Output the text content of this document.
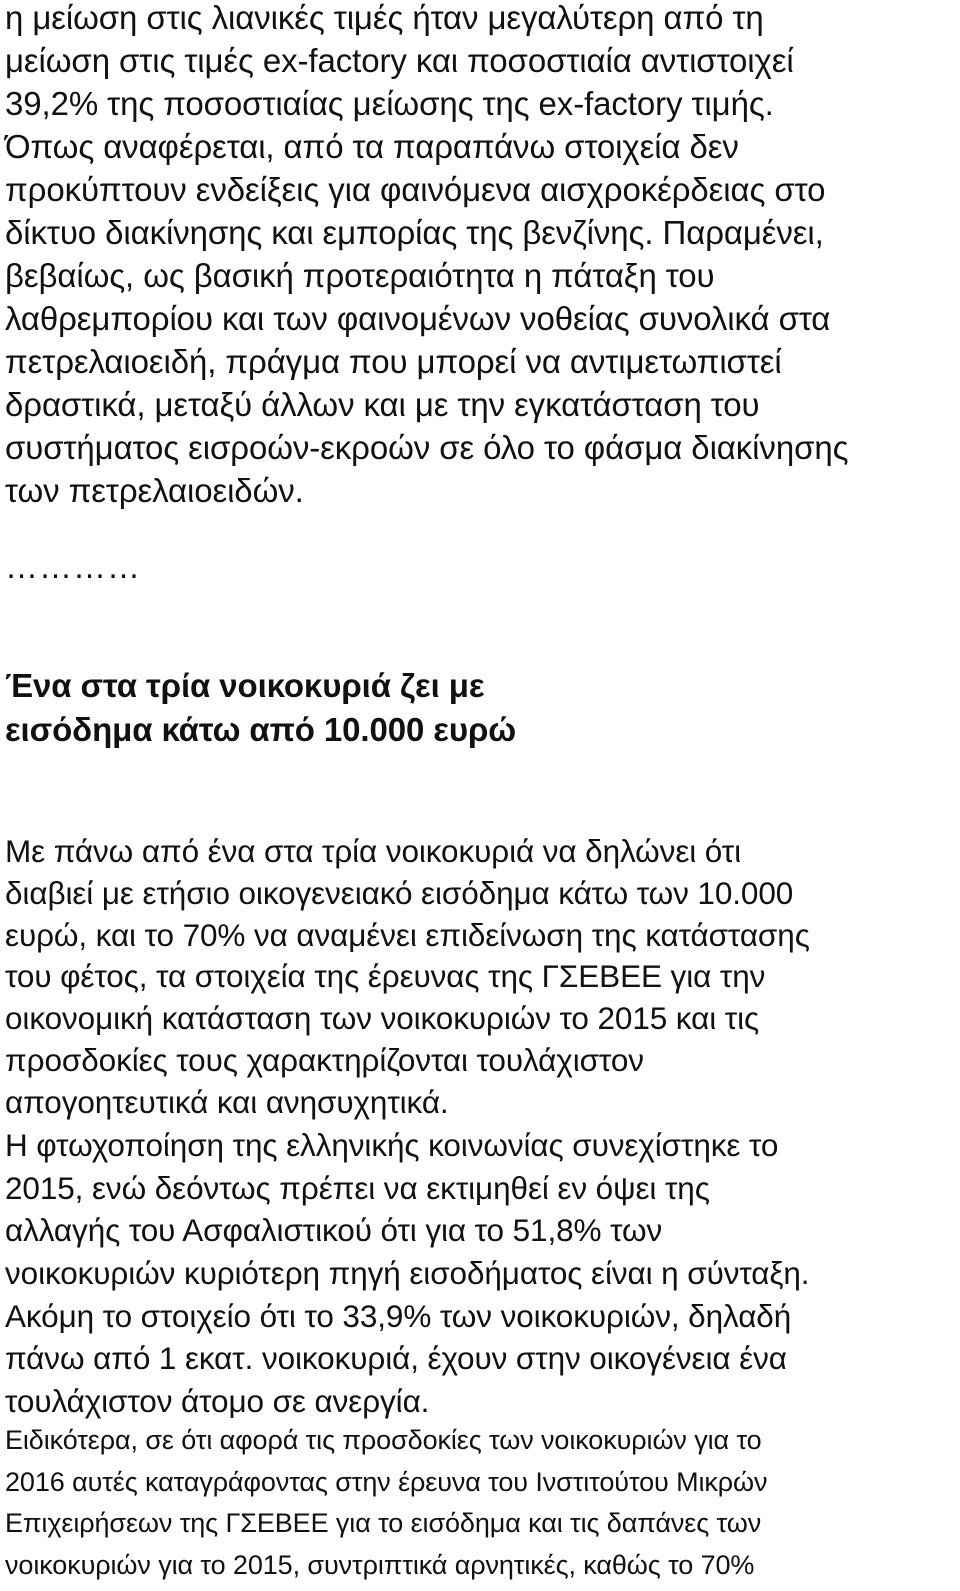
η μείωση στις λιανικές τιμές ήταν μεγαλύτερη από τη
μείωση στις τιμές ex-factory και ποσοστιαία αντιστοιχεί
39,2% της ποσοστιαίας μείωσης της ex-factory τιμής.
Όπως αναφέρεται, από τα παραπάνω στοιχεία δεν
προκύπτουν ενδείξεις για φαινόμενα αισχροκέρδειας στο
δίκτυο διακίνησης και εμπορίας της βενζίνης. Παραμένει,
βεβαίως, ως βασική προτεραιότητα η πάταξη του
λαθρεμπορίου και των φαινομένων νοθείας συνολικά στα
πετρελαιοειδή, πράγμα που μπορεί να αντιμετωπιστεί
δραστικά, μεταξύ άλλων και με την εγκατάσταση του
συστήματος εισροών-εκροών σε όλο το φάσμα διακίνησης
των πετρελαιοειδών.
…………
Ένα στα τρία νοικοκυριά ζει με
εισόδημα κάτω από 10.000 ευρώ
Με πάνω από ένα στα τρία νοικοκυριά να δηλώνει ότι
διαβιεί με ετήσιο οικογενειακό εισόδημα κάτω των 10.000
ευρώ, και το 70% να αναμένει επιδείνωση της κατάστασης
του φέτος, τα στοιχεία της έρευνας της ΓΣΕΒΕΕ για την
οικονομική κατάσταση των νοικοκυριών το 2015 και τις
προσδοκίες τους χαρακτηρίζονται τουλάχιστον
απογοητευτικά και ανησυχητικά.
Η φτωχοποίηση της ελληνικής κοινωνίας συνεχίστηκε το
2015, ενώ δεόντως πρέπει να εκτιμηθεί εν όψει της
αλλαγής του Ασφαλιστικού ότι για το 51,8% των
νοικοκυριών κυριότερη πηγή εισοδήματος είναι η σύνταξη.
Ακόμη το στοιχείο ότι το 33,9% των νοικοκυριών, δηλαδή
πάνω από 1 εκατ. νοικοκυριά, έχουν στην οικογένεια ένα
τουλάχιστον άτομο σε ανεργία.
Ειδικότερα, σε ότι αφορά τις προσδοκίες των νοικοκυριών για το
2016 αυτές καταγράφοντας στην έρευνα του Ινστιτούτου Μικρών
Επιχειρήσεων της ΓΣΕΒΕΕ για το εισόδημα και τις δαπάνες των
νοικοκυριών για το 2015, συντριπτικά αρνητικές, καθώς το 70%
